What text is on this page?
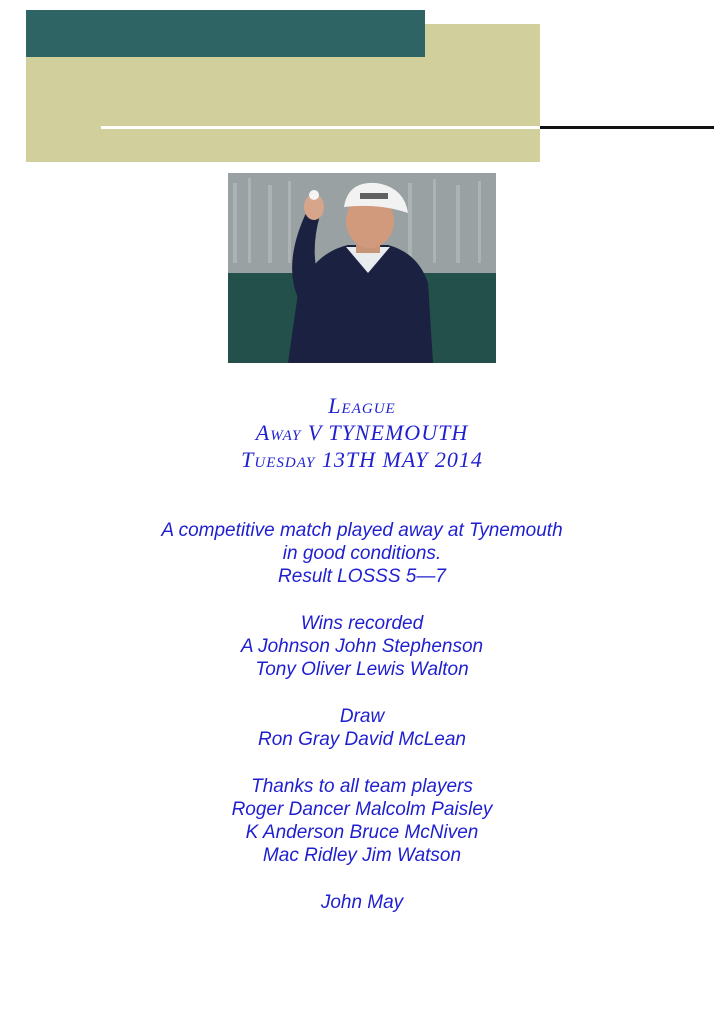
League
Away V TYNEMOUTH
Tuesday 13TH MAY 2014
A competitive match played away at Tynemouth
in good conditions.
Result LOSSS 5—7
Wins recorded
A Johnson John Stephenson
Tony Oliver Lewis Walton
Draw
Ron Gray David McLean
Thanks to all team players
Roger Dancer Malcolm Paisley
K Anderson Bruce McNiven
Mac Ridley Jim Watson
John May
